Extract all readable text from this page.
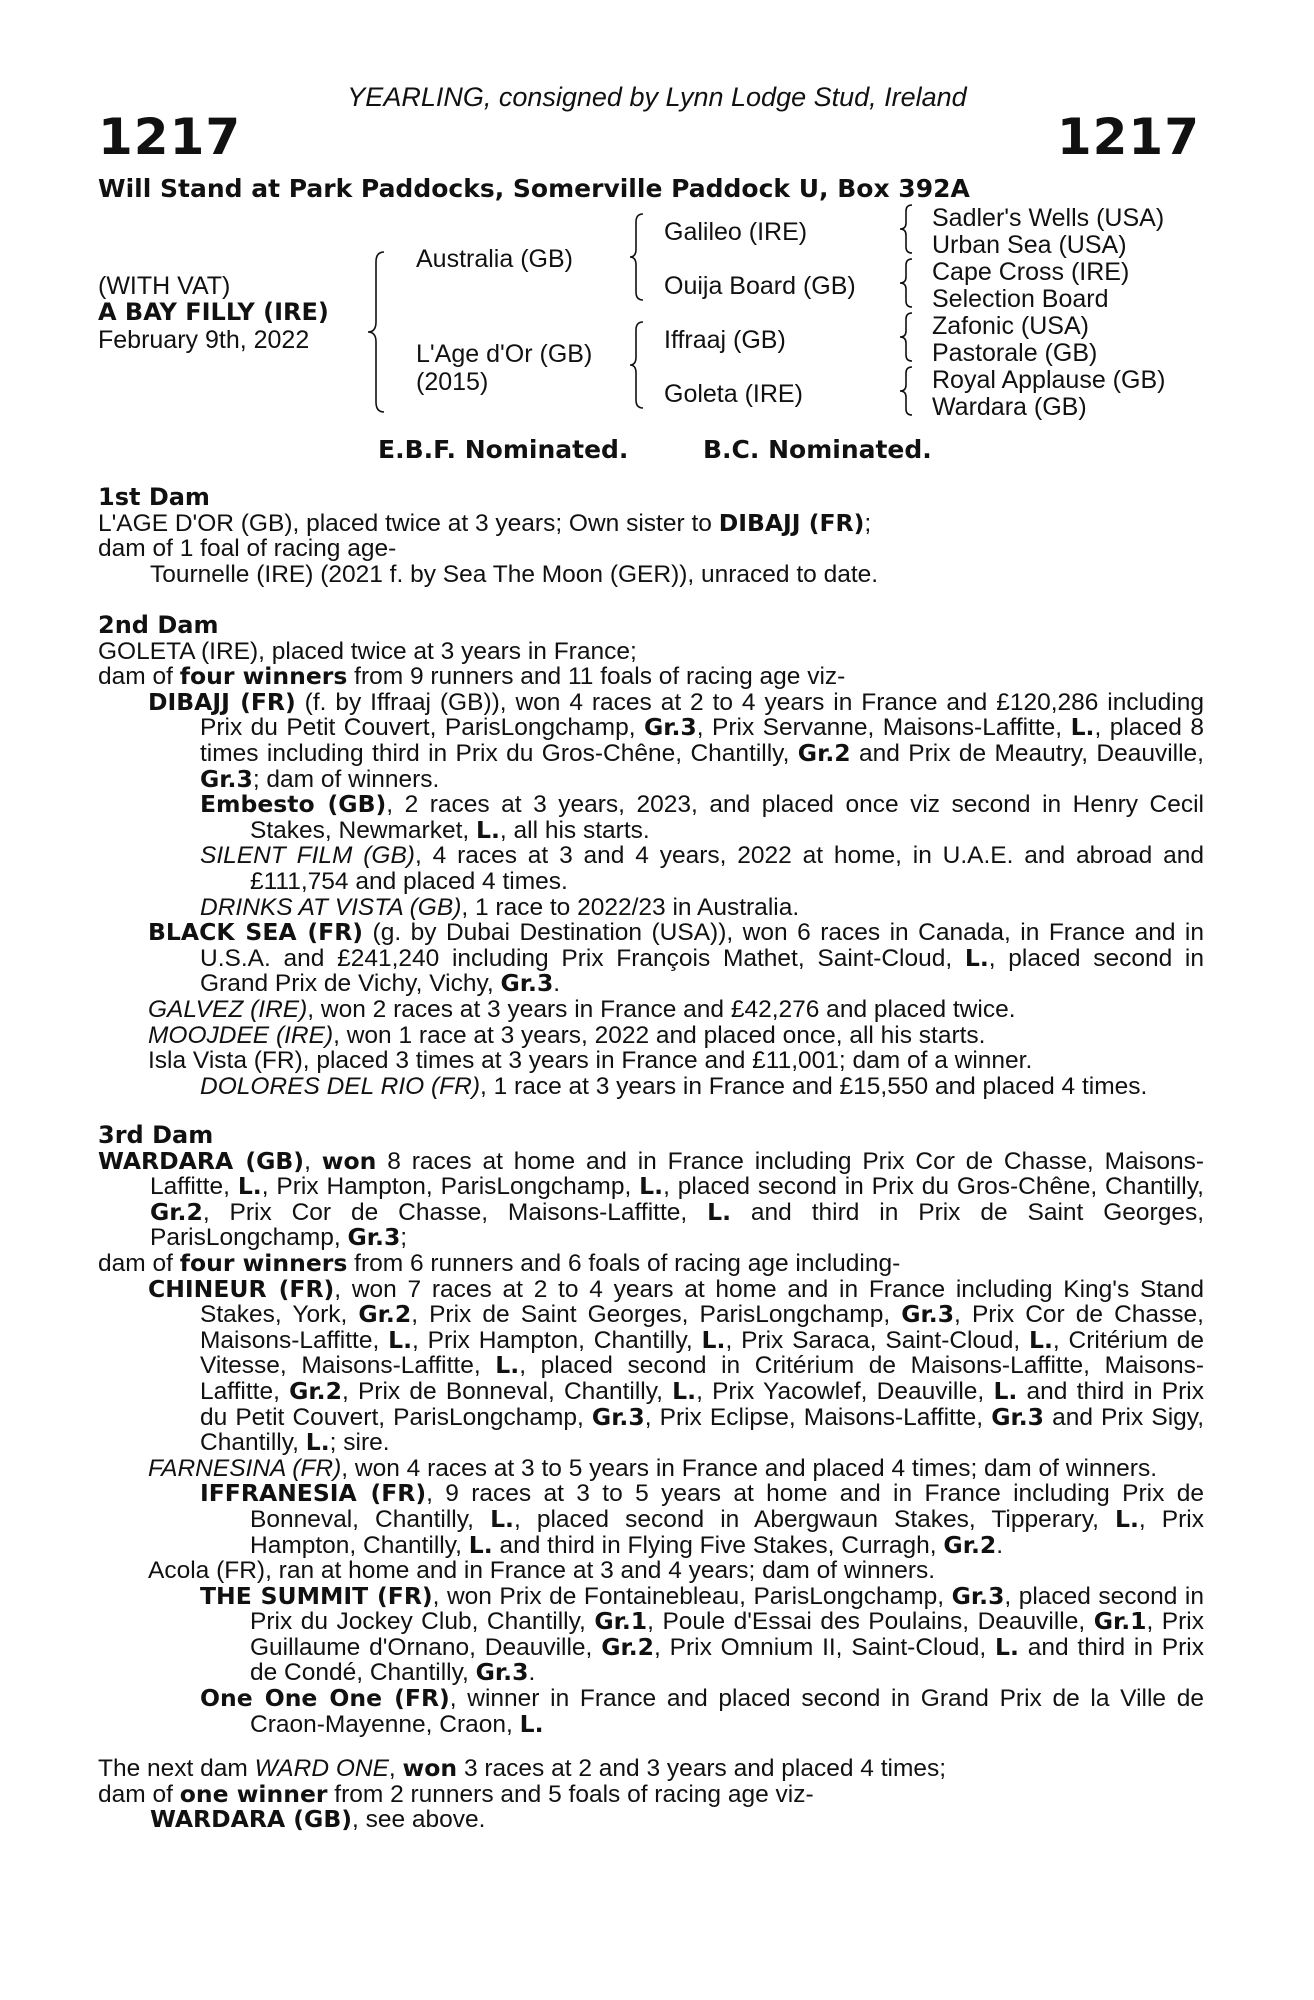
YEARLING, consigned by Lynn Lodge Stud, Ireland
1217	1217
Will Stand at Park Paddocks, Somerville Paddock U, Box 392A
(WITH VAT)
A BAY FILLY (IRE)
February 9th, 2022
Australia (GB)
L'Age d'Or (GB)
(2015)
Galileo (IRE)
Ouija Board (GB)
Iffraaj (GB)
Goleta (IRE)
Sadler's Wells (USA)
Urban Sea (USA)
Cape Cross (IRE)
Selection Board
Zafonic (USA)
Pastorale (GB)
Royal Applause (GB)
Wardara (GB)
E.B.F. Nominated.	B.C. Nominated.

1st Dam

L'AGE D'OR (GB), placed twice at 3 years; Own sister to DIBAJJ (FR);

dam of 1 foal of racing age-

Tournelle (IRE) (2021 f. by Sea The Moon (GER)), unraced to date.

2nd Dam

GOLETA (IRE), placed twice at 3 years in France;

dam of four winners from 9 runners and 11 foals of racing age viz-

DIBAJJ (FR) (f. by Iffraaj (GB)), won 4 races at 2 to 4 years in France and £120,286 including Prix du Petit Couvert, ParisLongchamp, Gr.3, Prix Servanne, Maisons-Laffitte, L., placed 8 times including third in Prix du Gros-Chêne, Chantilly, Gr.2 and Prix de Meautry, Deauville, Gr.3; dam of winners.

Embesto (GB), 2 races at 3 years, 2023, and placed once viz second in Henry Cecil Stakes, Newmarket, L., all his starts.

SILENT FILM (GB), 4 races at 3 and 4 years, 2022 at home, in U.A.E. and abroad and £111,754 and placed 4 times.

DRINKS AT VISTA (GB), 1 race to 2022/23 in Australia.

BLACK SEA (FR) (g. by Dubai Destination (USA)), won 6 races in Canada, in France and in U.S.A. and £241,240 including Prix François Mathet, Saint-Cloud, L., placed second in Grand Prix de Vichy, Vichy, Gr.3.

GALVEZ (IRE), won 2 races at 3 years in France and £42,276 and placed twice.

MOOJDEE (IRE), won 1 race at 3 years, 2022 and placed once, all his starts.

Isla Vista (FR), placed 3 times at 3 years in France and £11,001; dam of a winner.

DOLORES DEL RIO (FR), 1 race at 3 years in France and £15,550 and placed 4 times.

3rd Dam

WARDARA (GB), won 8 races at home and in France including Prix Cor de Chasse, Maisons-Laffitte, L., Prix Hampton, ParisLongchamp, L., placed second in Prix du Gros-Chêne, Chantilly, Gr.2, Prix Cor de Chasse, Maisons-Laffitte, L. and third in Prix de Saint Georges, ParisLongchamp, Gr.3;

dam of four winners from 6 runners and 6 foals of racing age including-

CHINEUR (FR), won 7 races at 2 to 4 years at home and in France including King's Stand Stakes, York, Gr.2, Prix de Saint Georges, ParisLongchamp, Gr.3, Prix Cor de Chasse, Maisons-Laffitte, L., Prix Hampton, Chantilly, L., Prix Saraca, Saint-Cloud, L., Critérium de Vitesse, Maisons-Laffitte, L., placed second in Critérium de Maisons-Laffitte, Maisons-Laffitte, Gr.2, Prix de Bonneval, Chantilly, L., Prix Yacowlef, Deauville, L. and third in Prix du Petit Couvert, ParisLongchamp, Gr.3, Prix Eclipse, Maisons-Laffitte, Gr.3 and Prix Sigy, Chantilly, L.; sire.

FARNESINA (FR), won 4 races at 3 to 5 years in France and placed 4 times; dam of winners.

IFFRANESIA (FR), 9 races at 3 to 5 years at home and in France including Prix de Bonneval, Chantilly, L., placed second in Abergwaun Stakes, Tipperary, L., Prix Hampton, Chantilly, L. and third in Flying Five Stakes, Curragh, Gr.2.

Acola (FR), ran at home and in France at 3 and 4 years; dam of winners.

THE SUMMIT (FR), won Prix de Fontainebleau, ParisLongchamp, Gr.3, placed second in Prix du Jockey Club, Chantilly, Gr.1, Poule d'Essai des Poulains, Deauville, Gr.1, Prix Guillaume d'Ornano, Deauville, Gr.2, Prix Omnium II, Saint-Cloud, L. and third in Prix de Condé, Chantilly, Gr.3.

One One One (FR), winner in France and placed second in Grand Prix de la Ville de Craon-Mayenne, Craon, L.

The next dam WARD ONE, won 3 races at 2 and 3 years and placed 4 times;

dam of one winner from 2 runners and 5 foals of racing age viz-

WARDARA (GB), see above.
